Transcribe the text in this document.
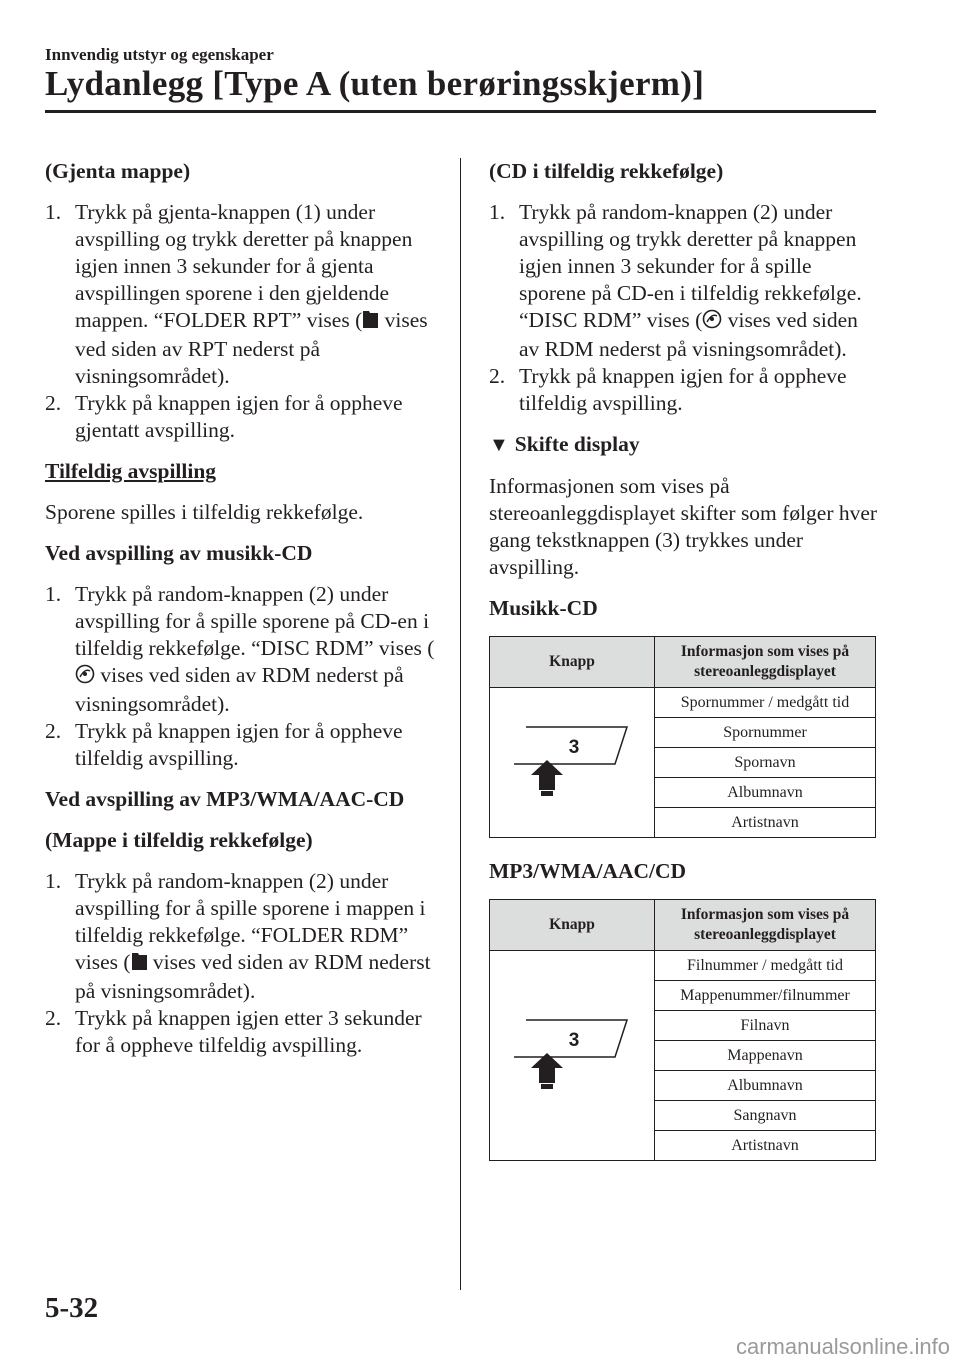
Innvendig utstyr og egenskaper
Lydanlegg [Type A (uten berøringsskjerm)]
(Gjenta mappe)
1. Trykk på gjenta-knappen (1) under avspilling og trykk deretter på knappen igjen innen 3 sekunder for å gjenta avspillingen sporene i den gjeldende mappen. “FOLDER RPT” vises ( vises ved siden av RPT nederst på visningsområdet).
2. Trykk på knappen igjen for å oppheve gjentatt avspilling.
Tilfeldig avspilling
Sporene spilles i tilfeldig rekkefølge.
Ved avspilling av musikk-CD
1. Trykk på random-knappen (2) under avspilling for å spille sporene på CD-en i tilfeldig rekkefølge. “DISC RDM” vises ( vises ved siden av RDM nederst på visningsområdet).
2. Trykk på knappen igjen for å oppheve tilfeldig avspilling.
Ved avspilling av MP3/WMA/AAC-CD
(Mappe i tilfeldig rekkefølge)
1. Trykk på random-knappen (2) under avspilling for å spille sporene i mappen i tilfeldig rekkefølge. “FOLDER RDM” vises ( vises ved siden av RDM nederst på visningsområdet).
2. Trykk på knappen igjen etter 3 sekunder for å oppheve tilfeldig avspilling.
(CD i tilfeldig rekkefølge)
1. Trykk på random-knappen (2) under avspilling og trykk deretter på knappen igjen innen 3 sekunder for å spille sporene på CD-en i tilfeldig rekkefølge. “DISC RDM” vises ( vises ved siden av RDM nederst på visningsområdet).
2. Trykk på knappen igjen for å oppheve tilfeldig avspilling.
▼ Skifte display
Informasjonen som vises på stereoanleggdisplayet skifter som følger hver gang tekstknappen (3) trykkes under avspilling.
Musikk-CD
Knapp	Informasjon som vises på stereoanleggdisplayet

3	Spornummer / medgått tid
	Spornummer
	Spornavn
	Albumnavn
	Artistnavn
MP3/WMA/AAC/CD
Knapp	Informasjon som vises på stereoanleggdisplayet

3	Filnummer / medgått tid
	Mappenummer/filnummer
	Filnavn
	Mappenavn
	Albumnavn
	Sangnavn
	Artistnavn
5-32
carmanualsonline.info
